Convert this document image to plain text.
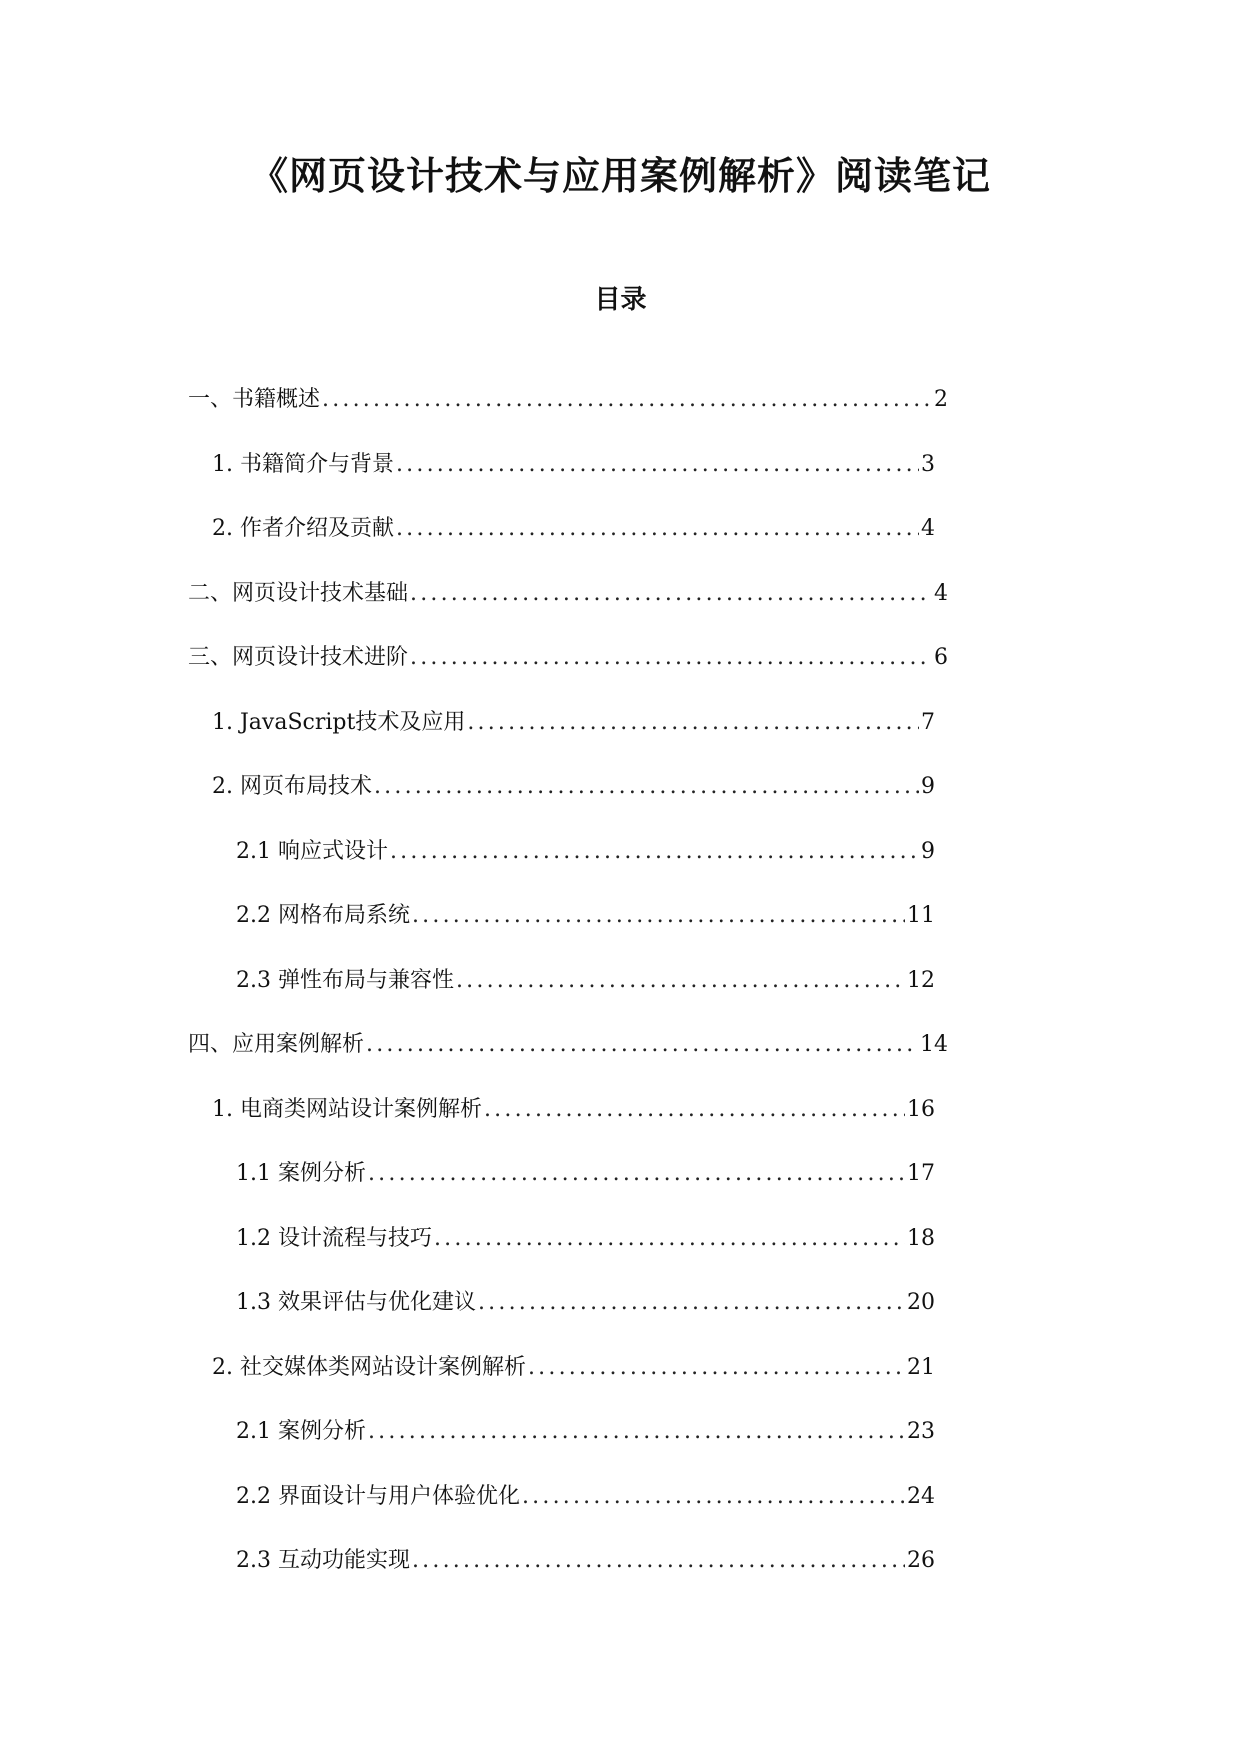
《网页设计技术与应用案例解析》阅读笔记
目录
一、书籍概述 .....	2
1. 书籍简介与背景 .....	3
2. 作者介绍及贡献 .....	4
二、网页设计技术基础 .....	4
三、网页设计技术进阶 .....	6
1. JavaScript技术及应用 .....	7
2. 网页布局技术 .....	9
2.1 响应式设计 .....	9
2.2 网格布局系统 .....	11
2.3 弹性布局与兼容性 .....	12
四、应用案例解析 .....	14
1. 电商类网站设计案例解析 .....	16
1.1 案例分析 .....	17
1.2 设计流程与技巧 .....	18
1.3 效果评估与优化建议 .....	20
2. 社交媒体类网站设计案例解析 .....	21
2.1 案例分析 .....	23
2.2 界面设计与用户体验优化 .....	24
2.3 互动功能实现 .....	26
